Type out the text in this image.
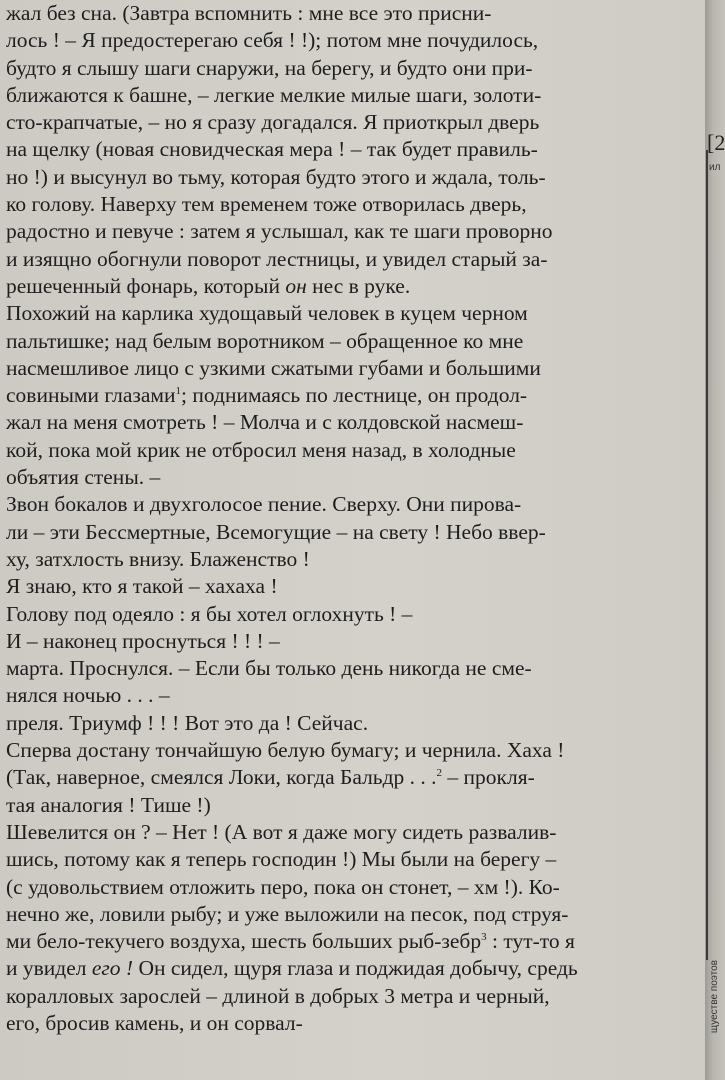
жал без сна. (Завтра вспомнить : мне все это присни-
лось ! – Я предостерегаю себя ! !); потом мне почудилось,
будто я слышу шаги снаружи, на берегу, и будто они при-
ближаются к башне, – легкие мелкие милые шаги, золоти-
сто-крапчатые, – но я сразу догадался. Я приоткрыл дверь
на щелку (новая сновидческая мера ! – так будет правиль-
но !) и высунул во тьму, которая будто этого и ждала, толь-
ко голову. Наверху тем временем тоже отворилась дверь,
радостно и певуче : затем я услышал, как те шаги проворно
и изящно обогнули поворот лестницы, и увидел старый за-
решеченный фонарь, который он нес в руке.
Похожий на карлика худощавый человек в куцем черном
пальтишке; над белым воротником – обращенное ко мне
насмешливое лицо с узкими сжатыми губами и большими
совиными глазами$^1$; поднимаясь по лестнице, он продол-
жал на меня смотреть ! – Молча и с колдовской насмеш-
кой, пока мой крик не отбросил меня назад, в холодные
объятия стены. –
Звон бокалов и двухголосое пение. Сверху. Они пирова-
ли – эти Бессмертные, Всемогущие – на свету ! Небо ввер-
ху, затхлость внизу. Блаженство !
Я знаю, кто я такой – хахаха !
Голову под одеяло : я бы хотел оглохнуть ! –
И – наконец проснуться ! ! ! –
марта. Проснулся. – Если бы только день никогда не сме-
нялся ночью . . . –
преля. Триумф ! ! ! Вот это да ! Сейчас.
Сперва достану тончайшую белую бумагу; и чернила. Хаха !
(Так, наверное, смеялся Локи, когда Бальдр . . .$^2$ – прокля-
тая аналогия ! Тише !)
Шевелится он ? – Нет ! (А вот я даже могу сидеть развалив-
шись, потому как я теперь господин !) Мы были на берегу –
(с удовольствием отложить перо, пока он стонет, – хм !). Ко-
нечно же, ловили рыбу; и уже выложили на песок, под струя-
ми бело-текучего воздуха, шесть больших рыб-зебр$^3$ : тут-то я
и увидел его ! Он сидел, щуря глаза и поджидая добычу, средь
коралловых зарослей – длиной в добрых 3 метра и черный,
его, бросив камень, и он сорвал-
[2
ил
щуестве поэтов
